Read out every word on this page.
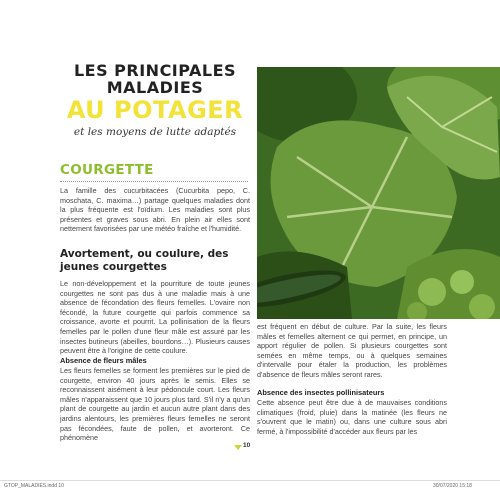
LES PRINCIPALES
MALADIES
AU POTAGER
et les moyens de lutte adaptés
COURGETTE
La famille des cucurbitacées (Cucurbita pepo, C. moschata, C. maxima…) partage quelques maladies dont la plus fréquente est l'oïdium. Les maladies sont plus présentes et graves sous abri. En plein air elles sont nettement favorisées par une météo fraîche et l'humidité.
Avortement, ou coulure, des jeunes courgettes
Le non-développement et la pourriture de toute jeunes courgettes ne sont pas dus à une maladie mais à une absence de fécondation des fleurs femelles. L'ovaire non fécondé, la future courgette qui parfois commence sa croissance, avorte et pourrit. La pollinisation de la fleurs femelles par le pollen d'une fleur mâle est assuré par les insectes butineurs (abeilles, bourdons…). Plusieurs causes peuvent être à l'origine de cette coulure.
Absence de fleurs mâles
Les fleurs femelles se forment les premières sur le pied de courgette, environ 40 jours après le semis. Elles se reconnaissent aisément à leur pédoncule court. Les fleurs mâles n'apparaissent que 10 jours plus tard. S'il n'y a qu'un plant de courgette au jardin et aucun autre plant dans des jardins alentours, les premières fleurs femelles ne seront pas fécondées, faute de pollen, et avorteront. Ce phénomène
est fréquent en début de culture. Par la suite, les fleurs mâles et femelles alternent ce qui permet, en principe, un apport régulier de pollen. Si plusieurs courgettes sont semées en même temps, ou à quelques semaines d'intervalle pour étaler la production, les problèmes d'absence de fleurs mâles seront rares.
Absence des insectes pollinisateurs
Cette absence peut être due à de mauvaises conditions climatiques (froid, pluie) dans la matinée (les fleurs ne s'ouvrent que le matin) ou, dans une culture sous abri fermé, à l'impossibilité d'accéder aux fleurs par les
10
GTOP_MALADIES.indd 10	30/07/2020 15:18
